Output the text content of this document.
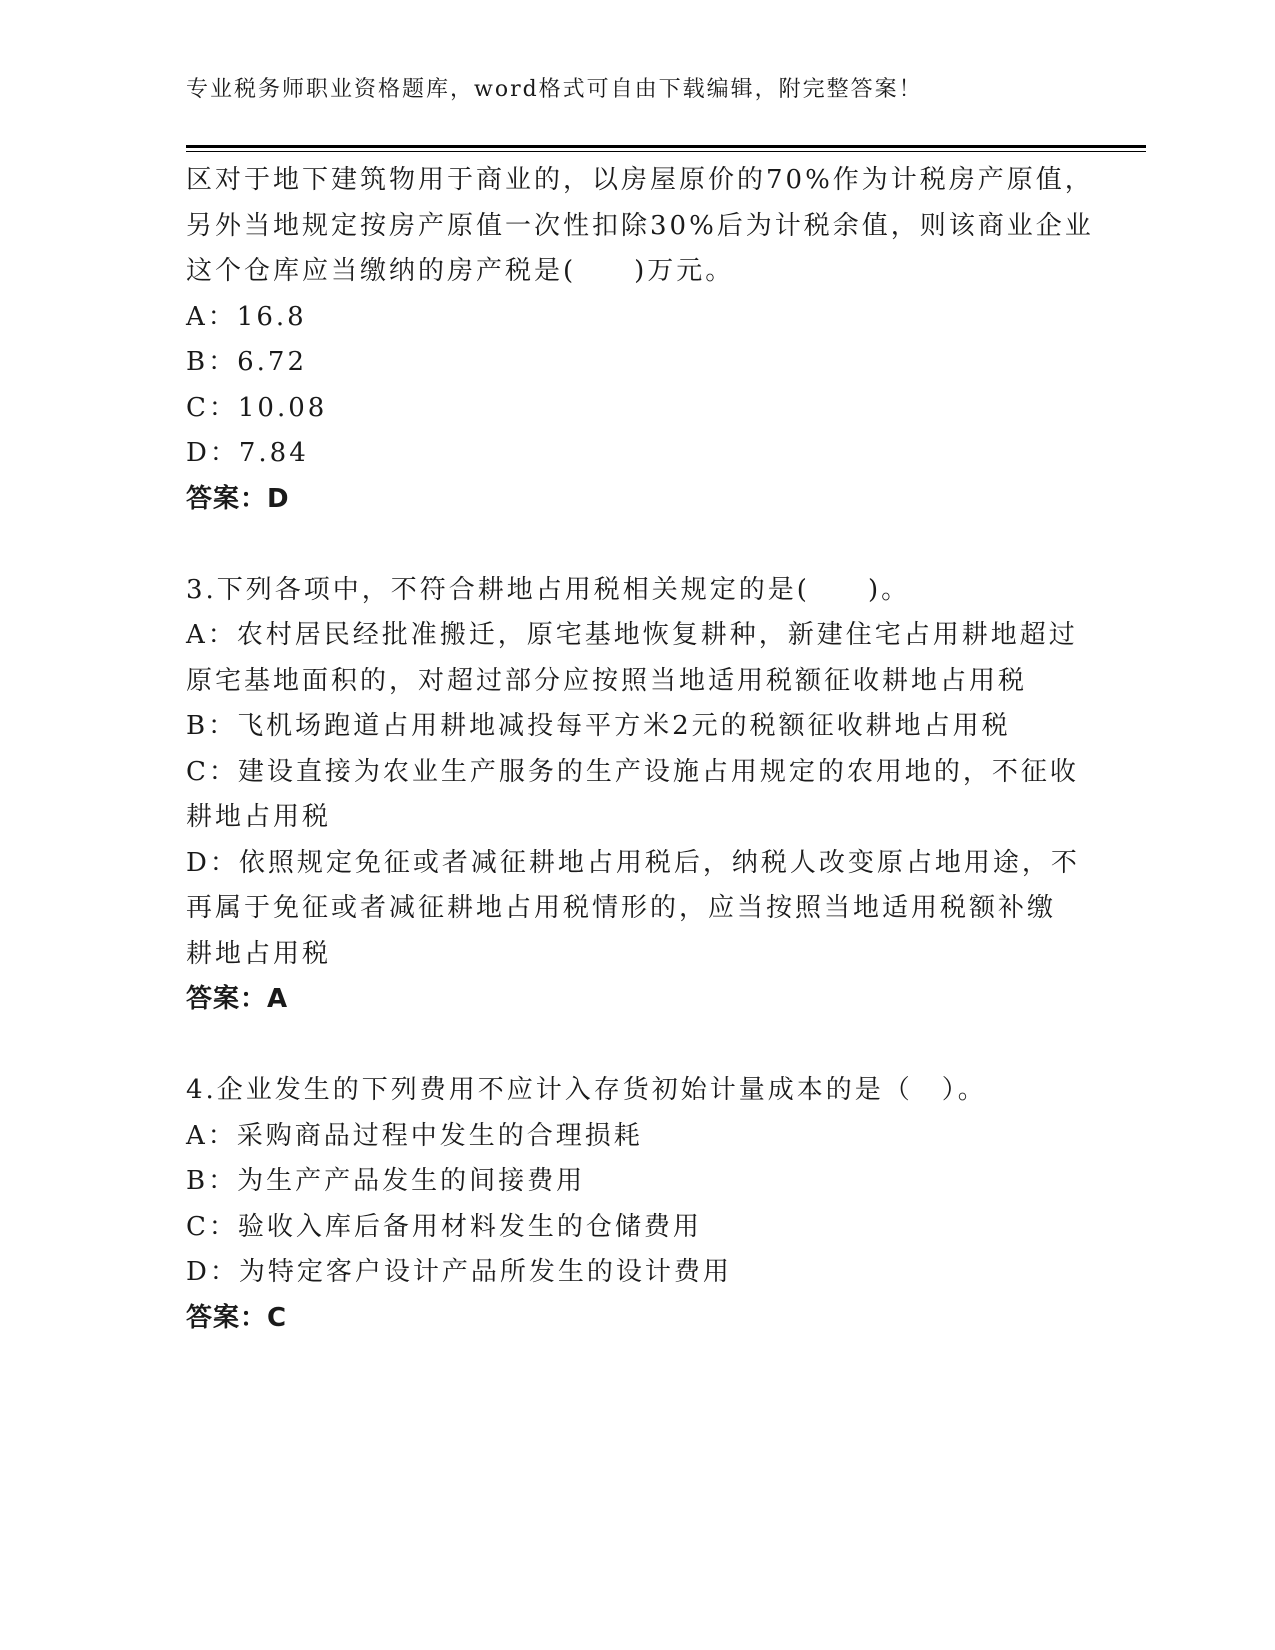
专业税务师职业资格题库，word格式可自由下载编辑，附完整答案！
区对于地下建筑物用于商业的，以房屋原价的70%作为计税房产原值，
另外当地规定按房产原值一次性扣除30%后为计税余值，则该商业企业
这个仓库应当缴纳的房产税是(　　)万元。
A：16.8
B：6.72
C：10.08
D：7.84
答案：D
3.下列各项中，不符合耕地占用税相关规定的是(　　)。
A：农村居民经批准搬迁，原宅基地恢复耕种，新建住宅占用耕地超过
原宅基地面积的，对超过部分应按照当地适用税额征收耕地占用税
B：飞机场跑道占用耕地减投每平方米2元的税额征收耕地占用税
C：建设直接为农业生产服务的生产设施占用规定的农用地的，不征收
耕地占用税
D：依照规定免征或者减征耕地占用税后，纳税人改变原占地用途，不
再属于免征或者减征耕地占用税情形的，应当按照当地适用税额补缴
耕地占用税
答案：A
4.企业发生的下列费用不应计入存货初始计量成本的是（　）。
A：采购商品过程中发生的合理损耗
B：为生产产品发生的间接费用
C：验收入库后备用材料发生的仓储费用
D：为特定客户设计产品所发生的设计费用
答案：C
